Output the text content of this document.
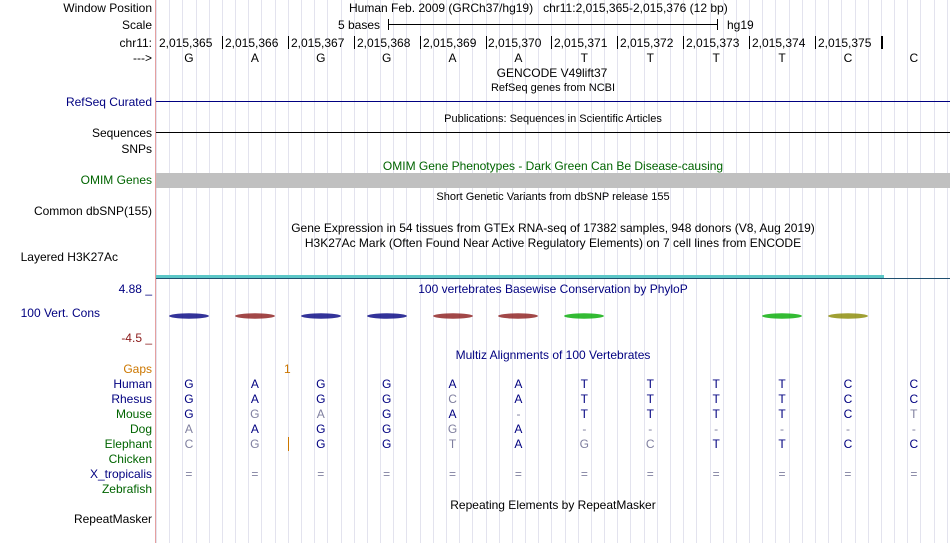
Window Position	Human Feb. 2009 (GRCh37/hg19)   chr11:2,015,365-2,015,376 (12 bp)
Scale	5 bases	hg19
chr11: 2,015,365 2,015,366 2,015,367 2,015,368 2,015,369 2,015,370 2,015,371 2,015,372 2,015,373 2,015,374 2,015,375
--->	G	A	G	G	A	A	T	T	T	T	C	C
GENCODE V49lift37
RefSeq genes from NCBI
RefSeq Curated
Publications: Sequences in Scientific Articles
Sequences
SNPs
OMIM Gene Phenotypes - Dark Green Can Be Disease-causing
OMIM Genes
Short Genetic Variants from dbSNP release 155
Common dbSNP(155)
Gene Expression in 54 tissues from GTEx RNA-seq of 17382 samples, 948 donors (V8, Aug 2019)
H3K27Ac Mark (Often Found Near Active Regulatory Elements) on 7 cell lines from ENCODE
Layered H3K27Ac
4.88 _	100 vertebrates Basewise Conservation by PhyloP
100 Vert. Cons
-4.5 _
Multiz Alignments of 100 Vertebrates
Gaps	1
Human	G	A	G	G	A	A	T	T	T	T	C	C
Rhesus	G	A	G	G	C	A	T	T	T	T	C	C
Mouse	G	G	A	G	A	-	T	T	T	T	C	T
Dog	A	A	G	G	G	A	-	-	-	-	-	-
Elephant	C	G	G	G	T	A	G	C	T	T	C	C
Chicken
X_tropicalis	=	=	=	=	=	=	=	=	=	=	=	=
Zebrafish
Repeating Elements by RepeatMasker
RepeatMasker
